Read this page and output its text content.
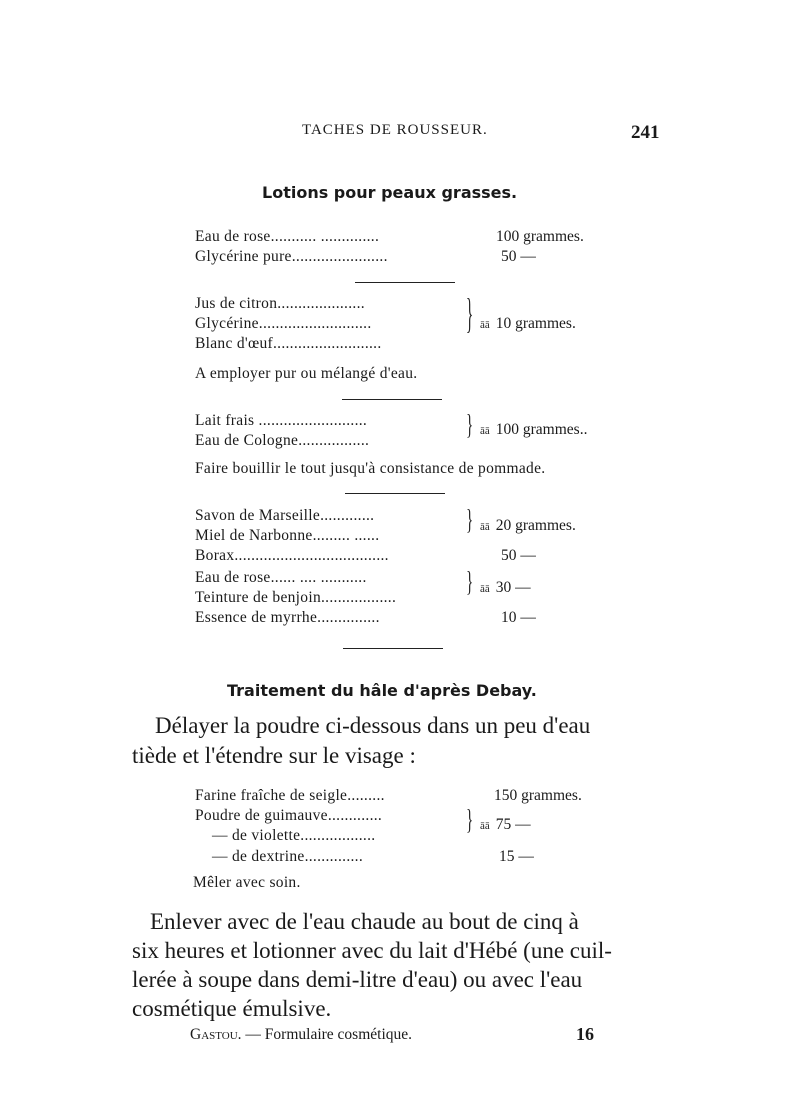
TACHES DE ROUSSEUR.	241
Lotions pour peaux grasses.
Eau de rose........... ..............	100 grammes.
Glycérine pure.......................	50 —
Jus de citron.....................
Glycérine...........................
Blanc d'œuf..........................
} āā 10 grammes.
A employer pur ou mélangé d'eau.
Lait frais ..........................
Eau de Cologne.................	} āā 100 grammes..
Faire bouillir le tout jusqu'à consistance de pommade.
Savon de Marseille.............
Miel de Narbonne......... ......	} āā 20 grammes.
Borax.....................................	50 —
Eau de rose...... .... ...........
Teinture de benjoin..................	} āā 30 —
Essence de myrrhe...............	10 —
Traitement du hâle d'après Debay.
Délayer la poudre ci-dessous dans un peu d'eau
tiède et l'étendre sur le visage :
Farine fraîche de seigle.........	150 grammes.
Poudre de guimauve.............
— de violette..................	} āā 75 —
— de dextrine..............	15 —
Mêler avec soin.
Enlever avec de l'eau chaude au bout de cinq à
six heures et lotionner avec du lait d'Hébé (une cuil-
lerée à soupe dans demi-litre d'eau) ou avec l'eau
cosmétique émulsive.
Gastou. — Formulaire cosmétique.	16
